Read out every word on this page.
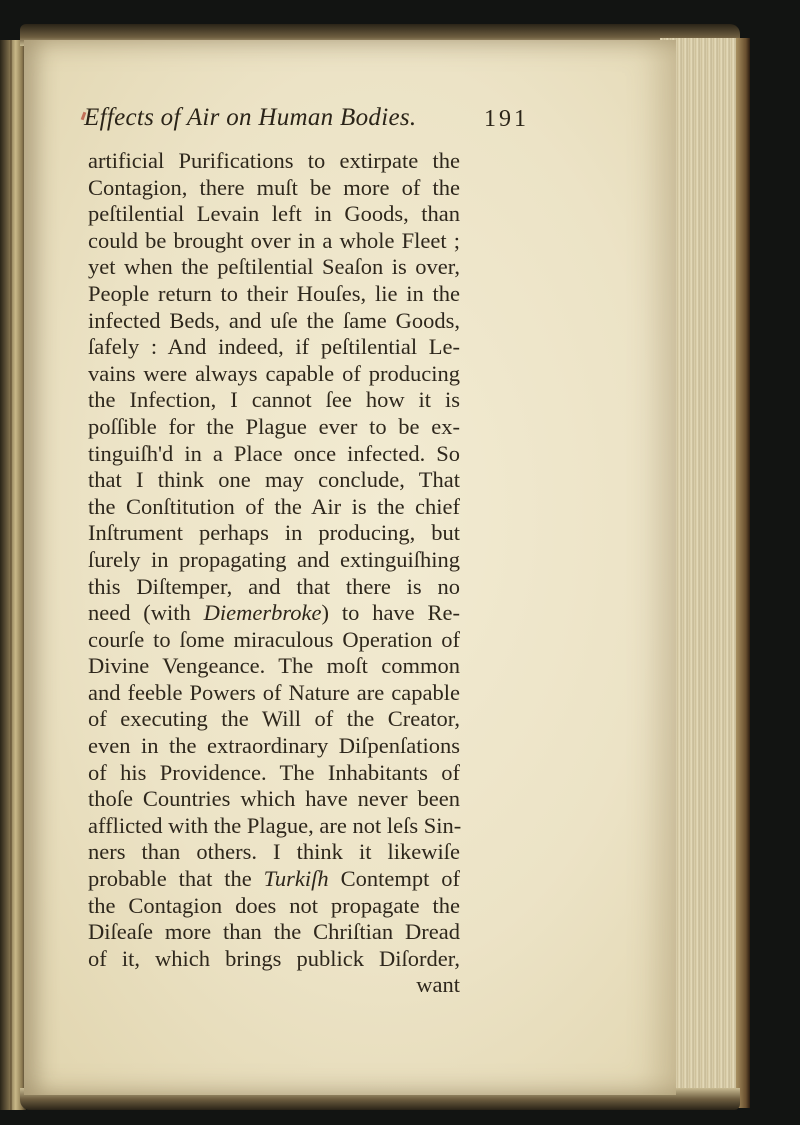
Effects of Air on Human Bodies.	191
artificial Purifications to extirpate the
Contagion, there muſt be more of the
peſtilential Levain left in Goods, than
could be brought over in a whole Fleet ;
yet when the peſtilential Seaſon is over,
People return to their Houſes, lie in the
infected Beds, and uſe the ſame Goods,
ſafely : And indeed, if peſtilential Le-
vains were always capable of producing
the Infection, I cannot ſee how it is
poſſible for the Plague ever to be ex-
tinguiſh'd in a Place once infected. So
that I think one may conclude, That
the Conſtitution of the Air is the chief
Inſtrument perhaps in producing, but
ſurely in propagating and extinguiſhing
this Diſtemper, and that there is no
need (with Diemerbroke) to have Re-
courſe to ſome miraculous Operation of
Divine Vengeance. The moſt common
and feeble Powers of Nature are capable
of executing the Will of the Creator,
even in the extraordinary Diſpenſations
of his Providence. The Inhabitants of
thoſe Countries which have never been
afflicted with the Plague, are not leſs Sin-
ners than others. I think it likewiſe
probable that the Turkiſh Contempt of
the Contagion does not propagate the
Diſeaſe more than the Chriſtian Dread
of it, which brings publick Diſorder,
want
